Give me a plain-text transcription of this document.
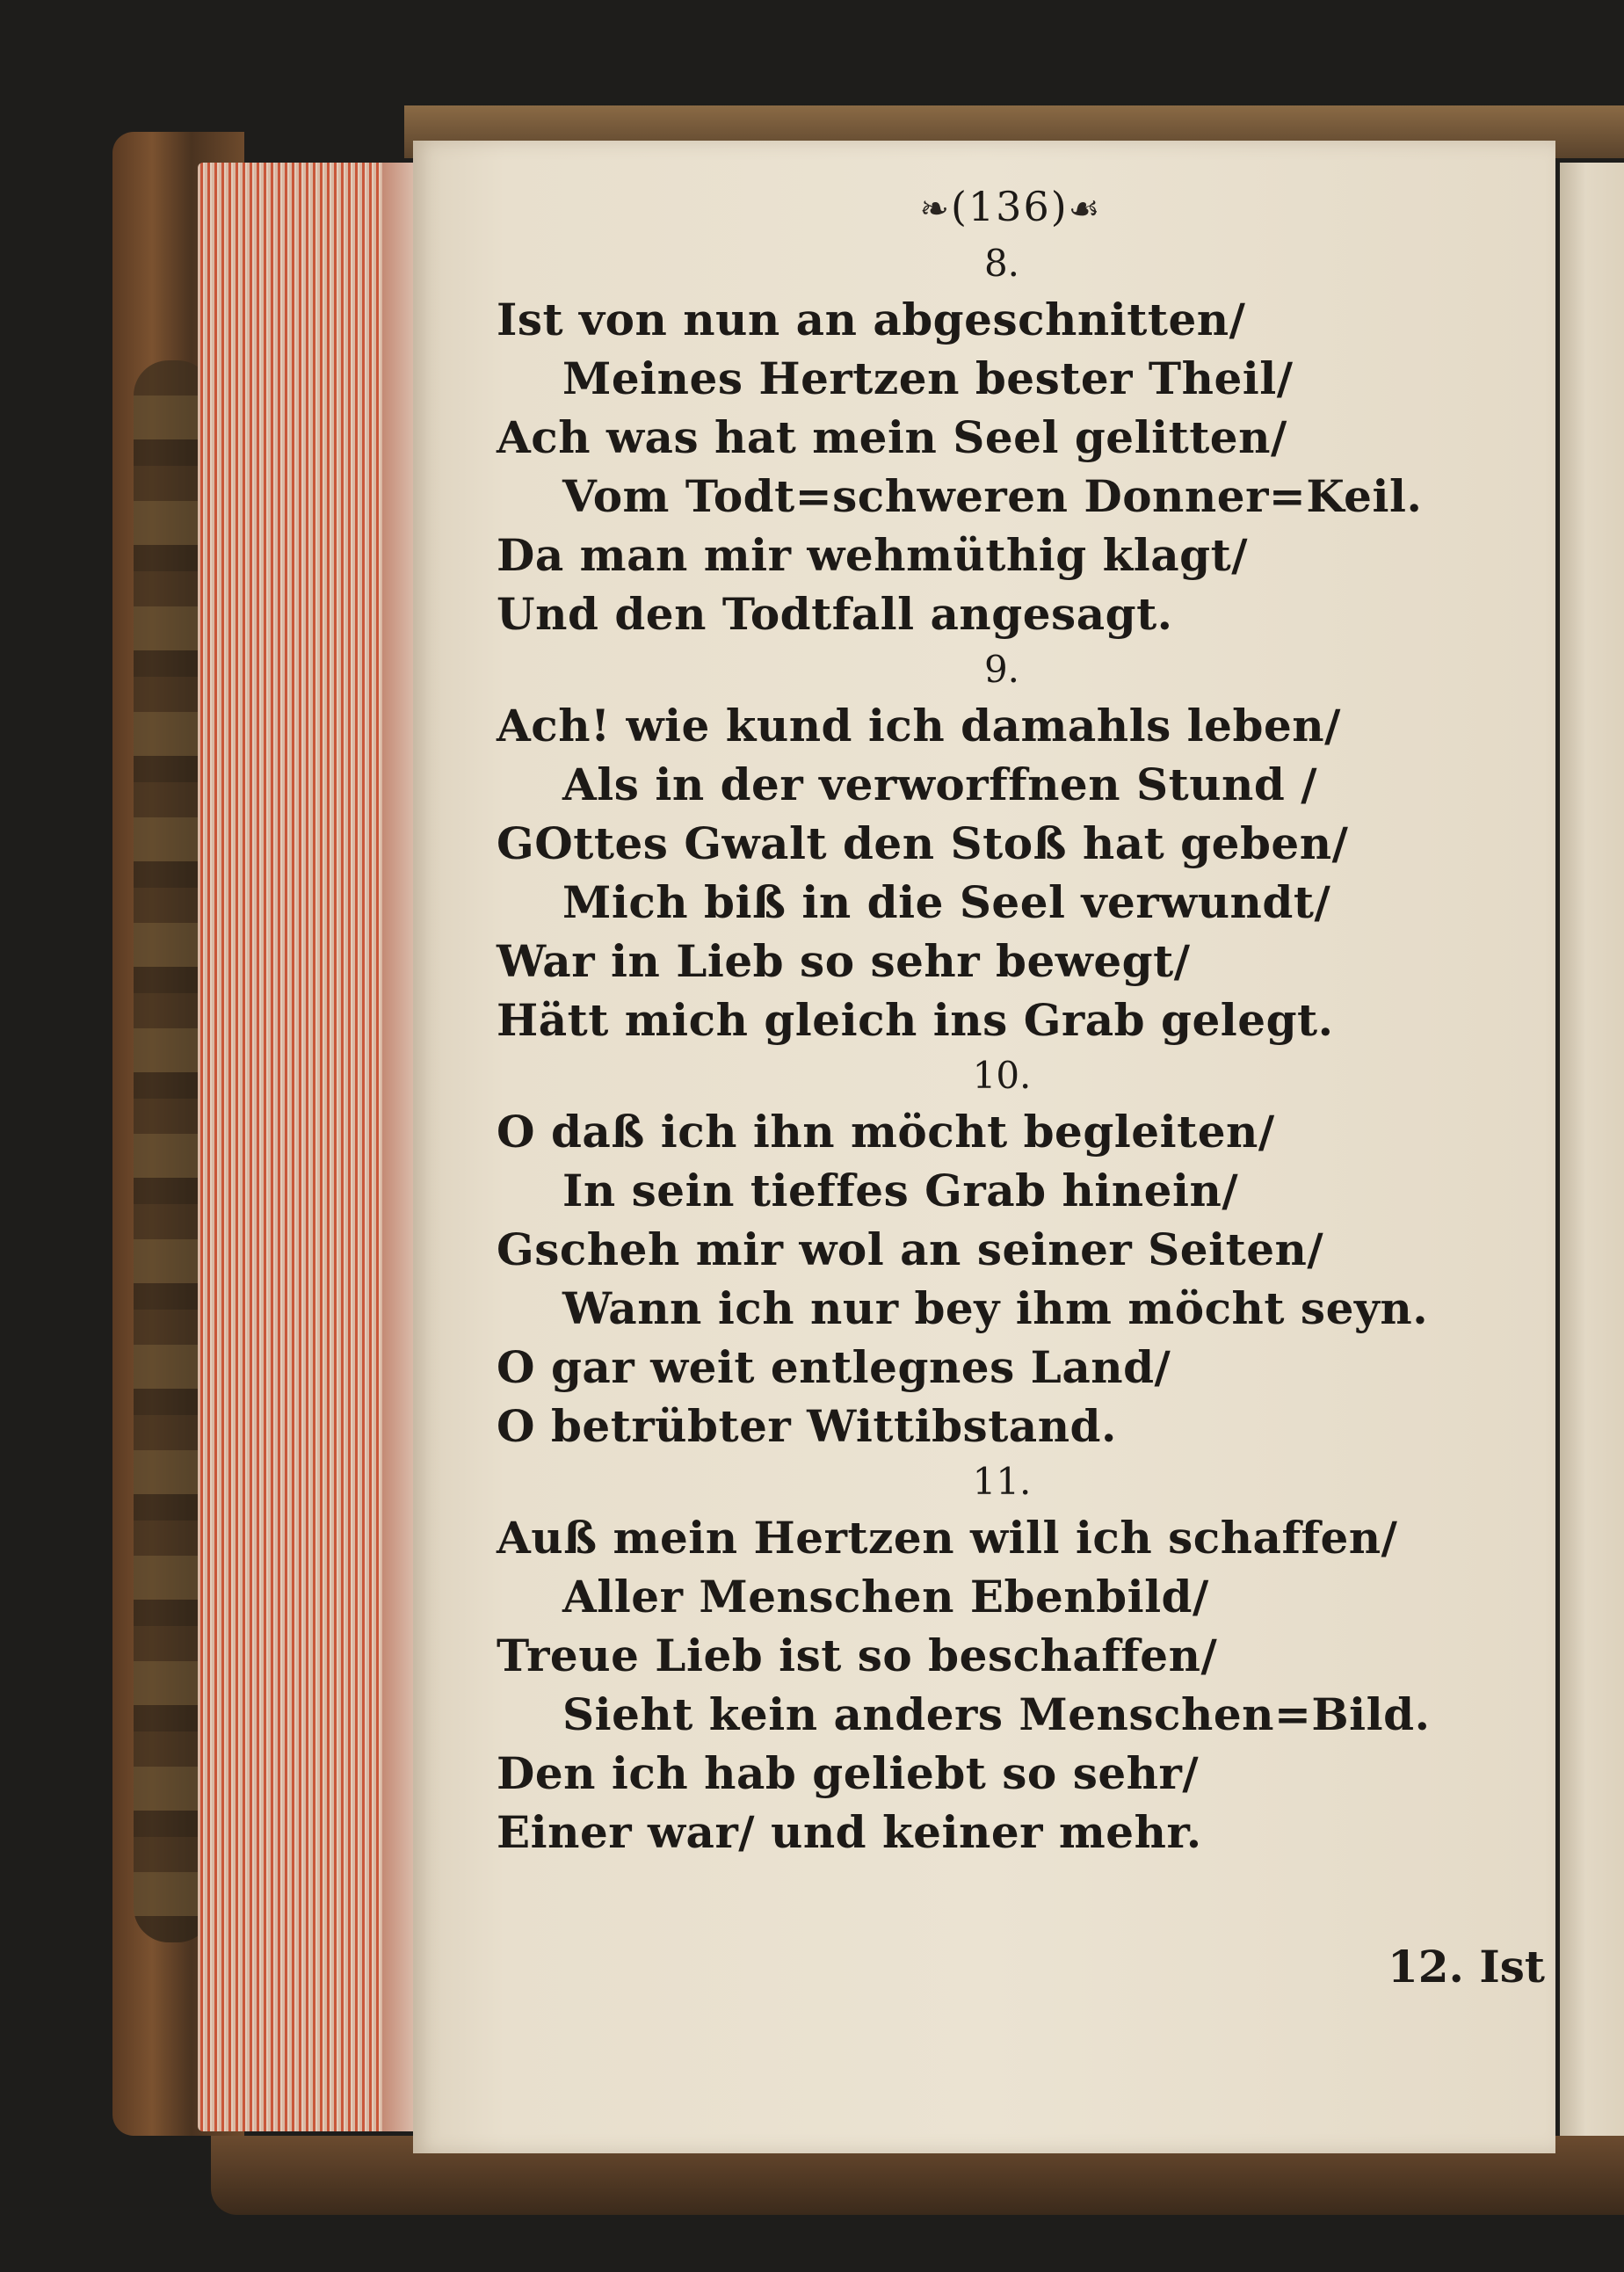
❧(136)☙
8.
Ist von nun an abgeschnitten/
Meines Hertzen bester Theil/
Ach was hat mein Seel gelitten/
Vom Todt=schweren Donner=Keil.
Da man mir wehmüthig klagt/
Und den Todtfall angesagt.
9.
Ach! wie kund ich damahls leben/
Als in der verworffnen Stund /
GOttes Gwalt den Stoß hat geben/
Mich biß in die Seel verwundt/
War in Lieb so sehr bewegt/
Hätt mich gleich ins Grab gelegt.
10.
O daß ich ihn möcht begleiten/
In sein tieffes Grab hinein/
Gscheh mir wol an seiner Seiten/
Wann ich nur bey ihm möcht seyn.
O gar weit entlegnes Land/
O betrübter Wittibstand.
11.
Auß mein Hertzen will ich schaffen/
Aller Menschen Ebenbild/
Treue Lieb ist so beschaffen/
Sieht kein anders Menschen=Bild.
Den ich hab geliebt so sehr/
Einer war/ und keiner mehr.
12. Ist
